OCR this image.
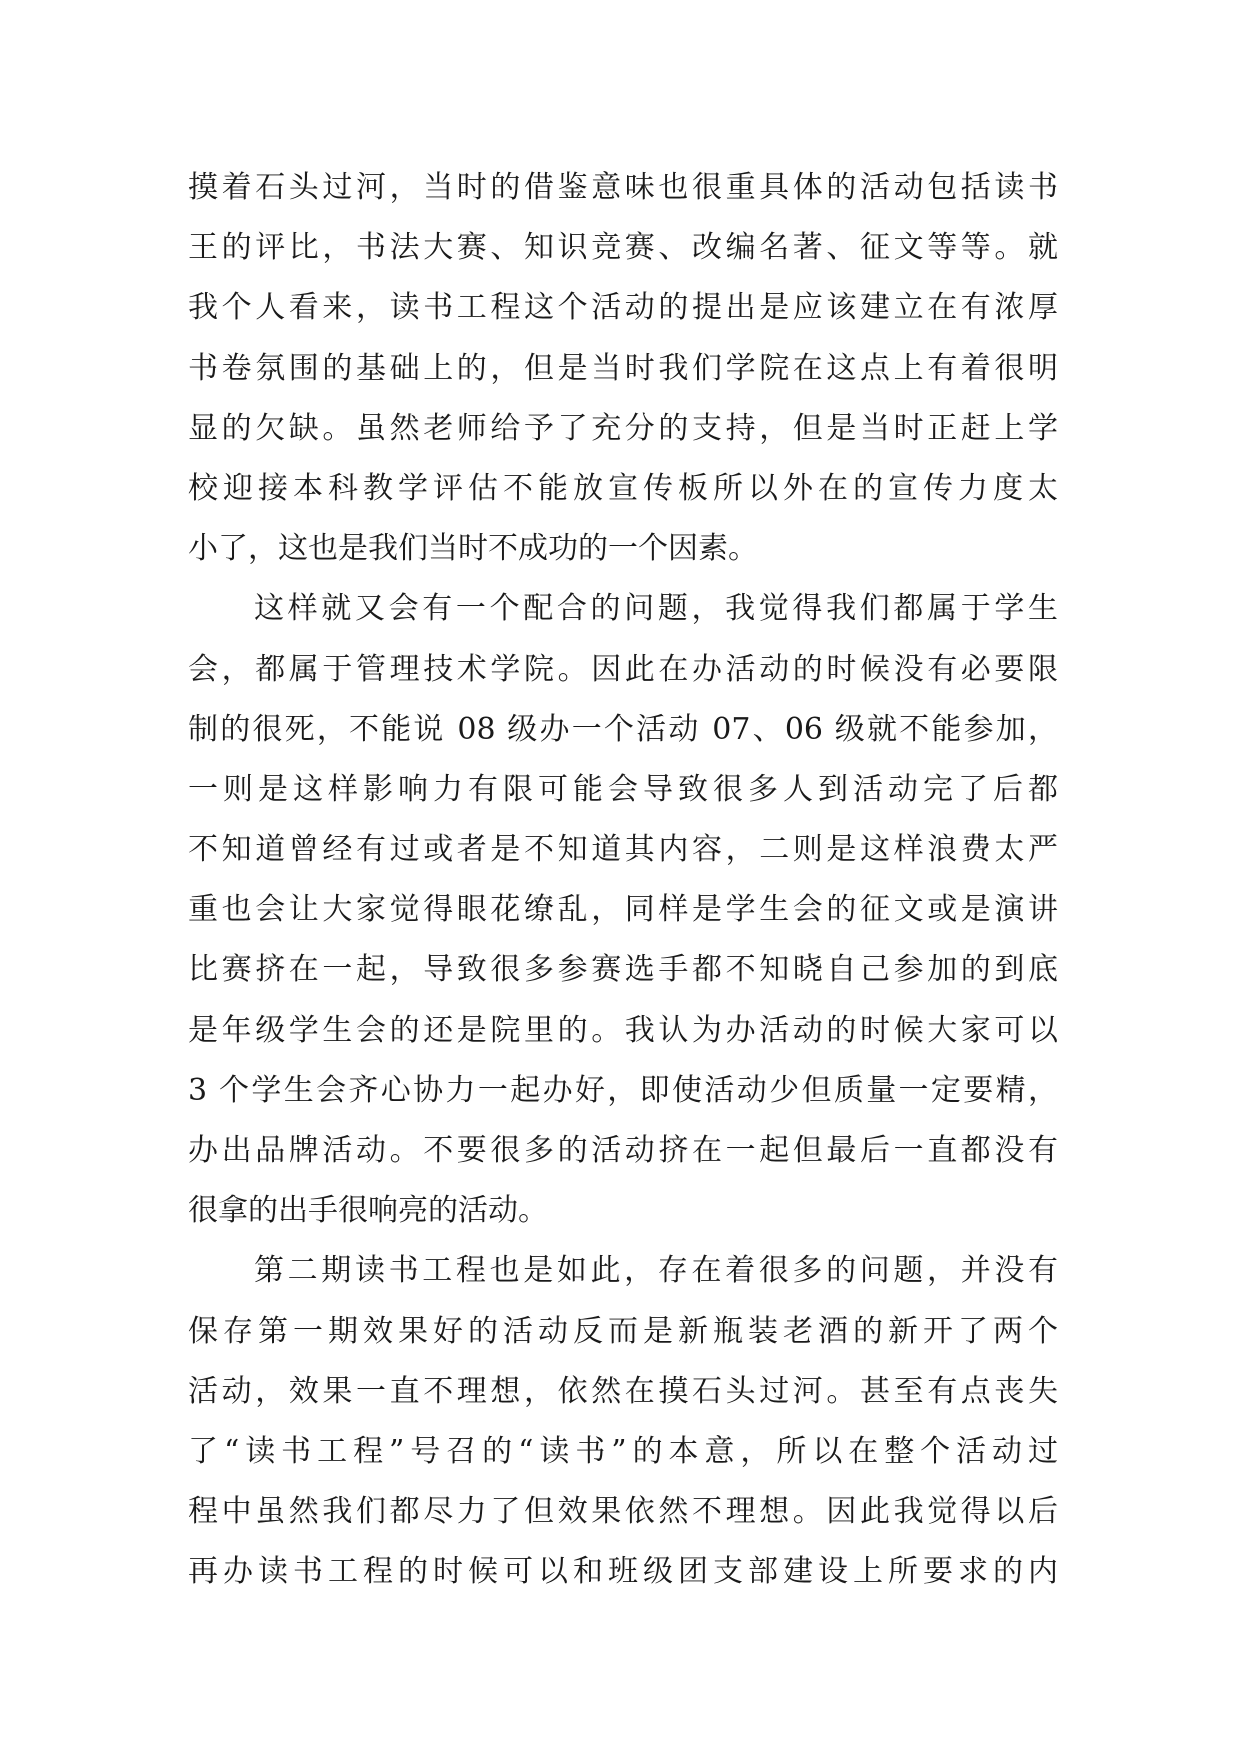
摸着石头过河，当时的借鉴意味也很重具体的活动包括读书
王的评比，书法大赛、知识竞赛、改编名著、征文等等。就
我个人看来，读书工程这个活动的提出是应该建立在有浓厚
书卷氛围的基础上的，但是当时我们学院在这点上有着很明
显的欠缺。虽然老师给予了充分的支持，但是当时正赶上学
校迎接本科教学评估不能放宣传板所以外在的宣传力度太
小了，这也是我们当时不成功的一个因素。
这样就又会有一个配合的问题，我觉得我们都属于学生
会，都属于管理技术学院。因此在办活动的时候没有必要限
制的很死，不能说 08 级办一个活动 07、06 级就不能参加，
一则是这样影响力有限可能会导致很多人到活动完了后都
不知道曾经有过或者是不知道其内容，二则是这样浪费太严
重也会让大家觉得眼花缭乱，同样是学生会的征文或是演讲
比赛挤在一起，导致很多参赛选手都不知晓自己参加的到底
是年级学生会的还是院里的。我认为办活动的时候大家可以
3 个学生会齐心协力一起办好，即使活动少但质量一定要精，
办出品牌活动。不要很多的活动挤在一起但最后一直都没有
很拿的出手很响亮的活动。
第二期读书工程也是如此，存在着很多的问题，并没有
保存第一期效果好的活动反而是新瓶装老酒的新开了两个
活动，效果一直不理想，依然在摸石头过河。甚至有点丧失
了“读书工程”号召的“读书”的本意，所以在整个活动过
程中虽然我们都尽力了但效果依然不理想。因此我觉得以后
再办读书工程的时候可以和班级团支部建设上所要求的内
